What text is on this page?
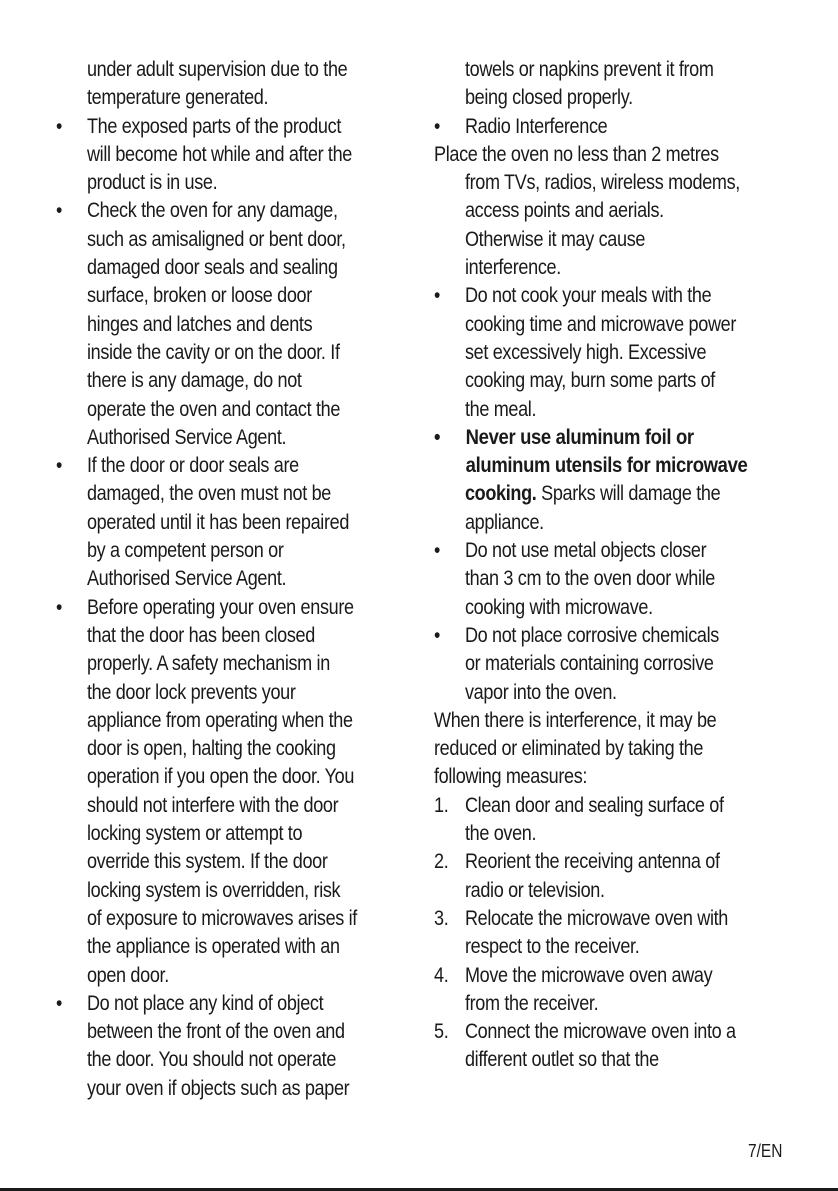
under adult supervision due to the
temperature generated.
• The exposed parts of the product
will become hot while and after the
product is in use.
• Check the oven for any damage,
such as amisaligned or bent door,
damaged door seals and sealing
surface, broken or loose door
hinges and latches and dents
inside the cavity or on the door. If
there is any damage, do not
operate the oven and contact the
Authorised Service Agent.
• If the door or door seals are
damaged, the oven must not be
operated until it has been repaired
by a competent person or
Authorised Service Agent.
• Before operating your oven ensure
that the door has been closed
properly. A safety mechanism in
the door lock prevents your
appliance from operating when the
door is open, halting the cooking
operation if you open the door. You
should not interfere with the door
locking system or attempt to
override this system. If the door
locking system is overridden, risk
of exposure to microwaves arises if
the appliance is operated with an
open door.
• Do not place any kind of object
between the front of the oven and
the door. You should not operate
your oven if objects such as paper
towels or napkins prevent it from
being closed properly.
• Radio Interference
Place the oven no less than 2 metres
from TVs, radios, wireless modems,
access points and aerials.
Otherwise it may cause
interference.
• Do not cook your meals with the
cooking time and microwave power
set excessively high. Excessive
cooking may, burn some parts of
the meal.
• Never use aluminum foil or
aluminum utensils for microwave
cooking. Sparks will damage the
appliance.
• Do not use metal objects closer
than 3 cm to the oven door while
cooking with microwave.
• Do not place corrosive chemicals
or materials containing corrosive
vapor into the oven.
When there is interference, it may be
reduced or eliminated by taking the
following measures:
1. Clean door and sealing surface of
the oven.
2. Reorient the receiving antenna of
radio or television.
3. Relocate the microwave oven with
respect to the receiver.
4. Move the microwave oven away
from the receiver.
5. Connect the microwave oven into a
different outlet so that the
7/EN
